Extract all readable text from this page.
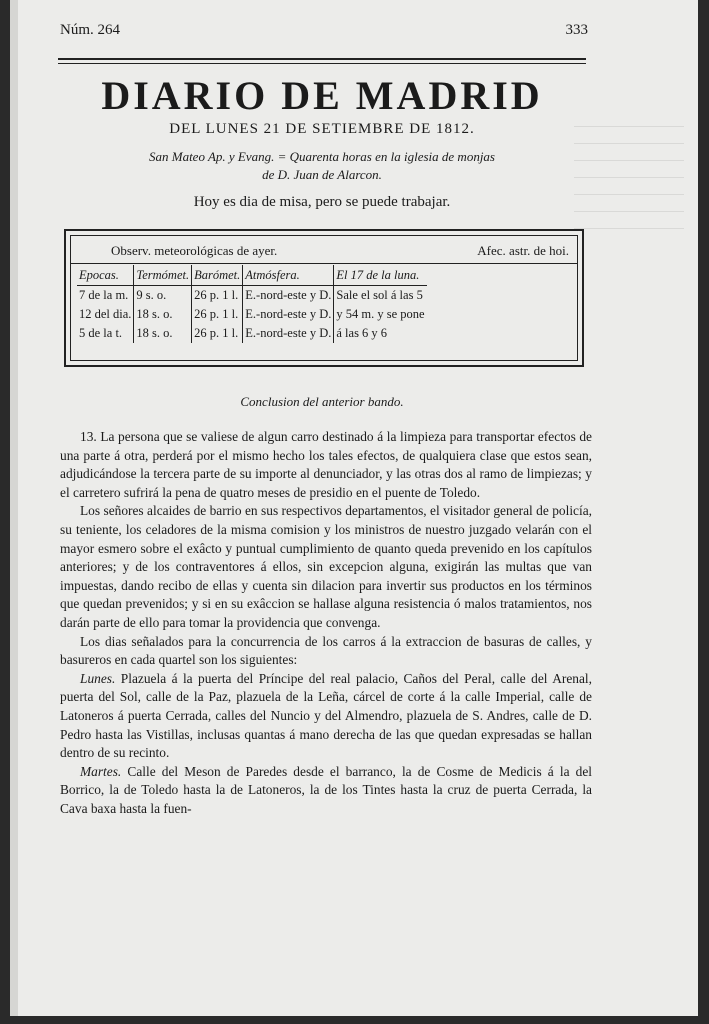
Núm. 264	333
DIARIO DE MADRID
DEL LUNES 21 DE SETIEMBRE DE 1812.
San Mateo Ap. y Evang. = Quarenta horas en la iglesia de monjas
de D. Juan de Alarcon.
Hoy es dia de misa, pero se puede trabajar.
Observ. meteorológicas de ayer.	Afec. astr. de hoi.
Epocas.	Termómet.	Barómet.	Atmósfera.	El 17 de la luna.
7 de la m.	9 s. o.	26 p. 1 l.	E.-nord-este y D.	Sale el sol á las 5
12 del dia.	18 s. o.	26 p. 1 l.	E.-nord-este y D.	y 54 m. y se pone
5 de la t.	18 s. o.	26 p. 1 l.	E.-nord-este y D.	á las 6 y 6
Conclusion del anterior bando.

13. La persona que se valiese de algun carro destinado á la limpieza para transportar efectos de una parte á otra, perderá por el mismo hecho los tales efectos, de qualquiera clase que estos sean, adjudicándose la tercera parte de su importe al denunciador, y las otras dos al ramo de limpiezas; y el carretero sufrirá la pena de quatro meses de presidio en el puente de Toledo.

Los señores alcaides de barrio en sus respectivos departamentos, el visitador general de policía, su teniente, los celadores de la misma comision y los ministros de nuestro juzgado velarán con el mayor esmero sobre el exâcto y puntual cumplimiento de quanto queda prevenido en los capítulos anteriores; y de los contraventores á ellos, sin excepcion alguna, exigirán las multas que van impuestas, dando recibo de ellas y cuenta sin dilacion para invertir sus productos en los términos que quedan prevenidos; y si en su exâccion se hallase alguna resistencia ó malos tratamientos, nos darán parte de ello para tomar la providencia que convenga.

Los dias señalados para la concurrencia de los carros á la extraccion de basuras de calles, y basureros en cada quartel son los siguientes:

Lunes. Plazuela á la puerta del Príncipe del real palacio, Caños del Peral, calle del Arenal, puerta del Sol, calle de la Paz, plazuela de la Leña, cárcel de corte á la calle Imperial, calle de Latoneros á puerta Cerrada, calles del Nuncio y del Almendro, plazuela de S. Andres, calle de D. Pedro hasta las Vistillas, inclusas quantas á mano derecha de las que quedan expresadas se hallan dentro de su recinto.

Martes. Calle del Meson de Paredes desde el barranco, la de Cosme de Medicis á la del Borrico, la de Toledo hasta la de Latoneros, la de los Tintes hasta la cruz de puerta Cerrada, la Cava baxa hasta la fuen-
